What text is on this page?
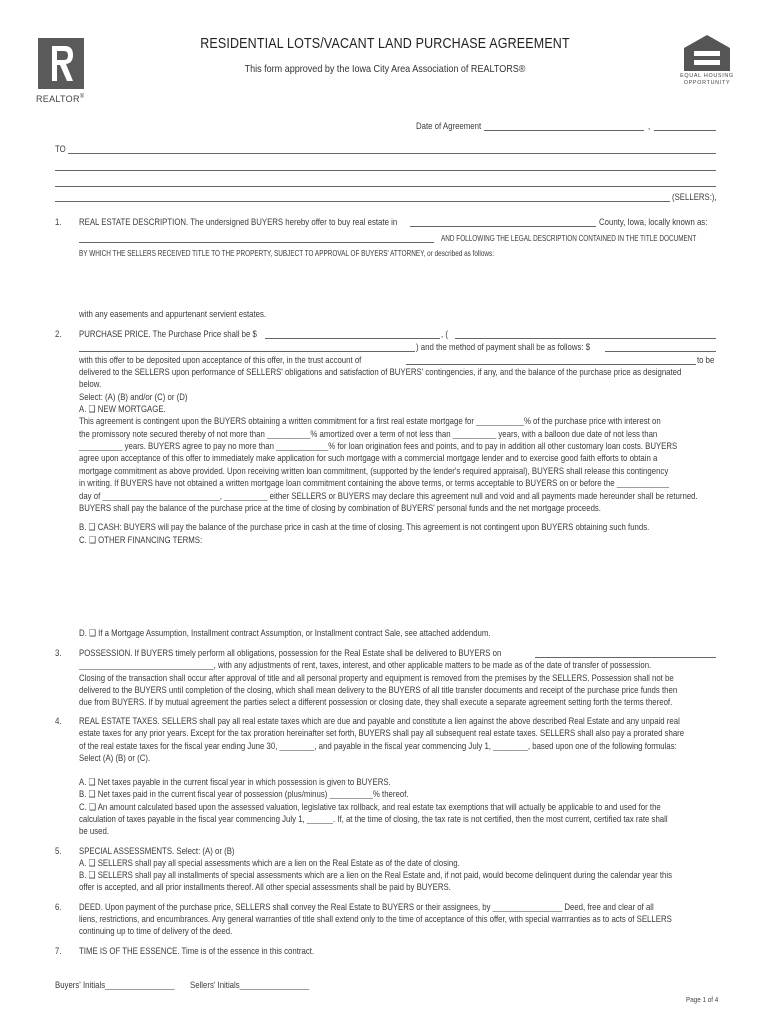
REALTOR®
RESIDENTIAL LOTS/VACANT LAND PURCHASE AGREEMENT
This form approved by the Iowa City Area Association of REALTORS®
EQUAL HOUSING
OPPORTUNITY
Date of Agreement	,
TO
(SELLERS:),
1. REAL ESTATE DESCRIPTION. The undersigned BUYERS hereby offer to buy real estate in	County, Iowa, locally known as:
AND FOLLOWING THE LEGAL DESCRIPTION CONTAINED IN THE TITLE DOCUMENT
BY WHICH THE SELLERS RECEIVED TITLE TO THE PROPERTY, SUBJECT TO APPROVAL OF BUYERS' ATTORNEY, or described as follows:
with any easements and appurtenant servient estates.
2. PURCHASE PRICE. The Purchase Price shall be $	, (
) and the method of payment shall be as follows: $
with this offer to be deposited upon acceptance of this offer, in the trust account of	to be
delivered to the SELLERS upon performance of SELLERS' obligations and satisfaction of BUYERS' contingencies, if any, and the balance of the purchase price as designated
below.
Select: (A) (B) and/or (C) or (D)
A. ❑ NEW MORTGAGE.
This agreement is contingent upon the BUYERS obtaining a written commitment for a first real estate mortgage for ___________% of the purchase price with interest on
the promissory note secured thereby of not more than __________% amortized over a term of not less than __________ years, with a balloon due date of not less than
__________ years. BUYERS agree to pay no more than ____________% for loan origination fees and points, and to pay in addition all other customary loan costs. BUYERS
agree upon acceptance of this offer to immediately make application for such mortgage with a commercial mortgage lender and to exercise good faith efforts to obtain a
mortgage commitment as above provided. Upon receiving written loan commitment, (supported by the lender's required appraisal), BUYERS shall release this contingency
in writing. If BUYERS have not obtained a written mortgage loan commitment containing the above terms, or terms acceptable to BUYERS on or before the ____________
day of ___________________________, __________ either SELLERS or BUYERS may declare this agreement null and void and all payments made hereunder shall be returned.
BUYERS shall pay the balance of the purchase price at the time of closing by combination of BUYERS' personal funds and the net mortgage proceeds.
B. ❑ CASH: BUYERS will pay the balance of the purchase price in cash at the time of closing. This agreement is not contingent upon BUYERS obtaining such funds.
C. ❑ OTHER FINANCING TERMS:
D. ❑ If a Mortgage Assumption, Installment contract Assumption, or Installment contract Sale, see attached addendum.
3. POSSESSION. If BUYERS timely perform all obligations, possession for the Real Estate shall be delivered to BUYERS on
_______________________________, with any adjustments of rent, taxes, interest, and other applicable matters to be made as of the date of transfer of possession.
Closing of the transaction shall occur after approval of title and all personal property and equipment is removed from the premises by the SELLERS. Possession shall not be
delivered to the BUYERS until completion of the closing, which shall mean delivery to the BUYERS of all title transfer documents and receipt of the purchase price funds then
due from BUYERS. If by mutual agreement the parties select a different possession or closing date, they shall execute a separate agreement setting forth the terms thereof.
4. REAL ESTATE TAXES. SELLERS shall pay all real estate taxes which are due and payable and constitute a lien against the above described Real Estate and any unpaid real
estate taxes for any prior years. Except for the tax proration hereinafter set forth, BUYERS shall pay all subsequent real estate taxes. SELLERS shall also pay a prorated share
of the real estate taxes for the fiscal year ending June 30, ________, and payable in the fiscal year commencing July 1, ________, based upon one of the following formulas:
Select (A) (B) or (C).
A. ❑ Net taxes payable in the current fiscal year in which possession is given to BUYERS.
B. ❑ Net taxes paid in the current fiscal year of possession (plus/minus) __________% thereof.
C. ❑ An amount calculated based upon the assessed valuation, legislative tax rollback, and real estate tax exemptions that will actually be applicable to and used for the
calculation of taxes payable in the fiscal year commencing July 1, ______. If, at the time of closing, the tax rate is not certified, then the most current, certified tax rate shall
be used.
5. SPECIAL ASSESSMENTS. Select: (A) or (B)
A. ❑ SELLERS shall pay all special assessments which are a lien on the Real Estate as of the date of closing.
B. ❑ SELLERS shall pay all installments of special assessments which are a lien on the Real Estate and, if not paid, would become delinquent during the calendar year this
offer is accepted, and all prior installments thereof. All other special assessments shall be paid by BUYERS.
6. DEED. Upon payment of the purchase price, SELLERS shall convey the Real Estate to BUYERS or their assignees, by ________________ Deed, free and clear of all
liens, restrictions, and encumbrances. Any general warranties of title shall extend only to the time of acceptance of this offer, with special warrranties as to acts of SELLERS
continuing up to time of delivery of the deed.
7. TIME IS OF THE ESSENCE. Time is of the essence in this contract.
Buyers' Initials________________ Sellers' Initials________________
Page 1 of 4
